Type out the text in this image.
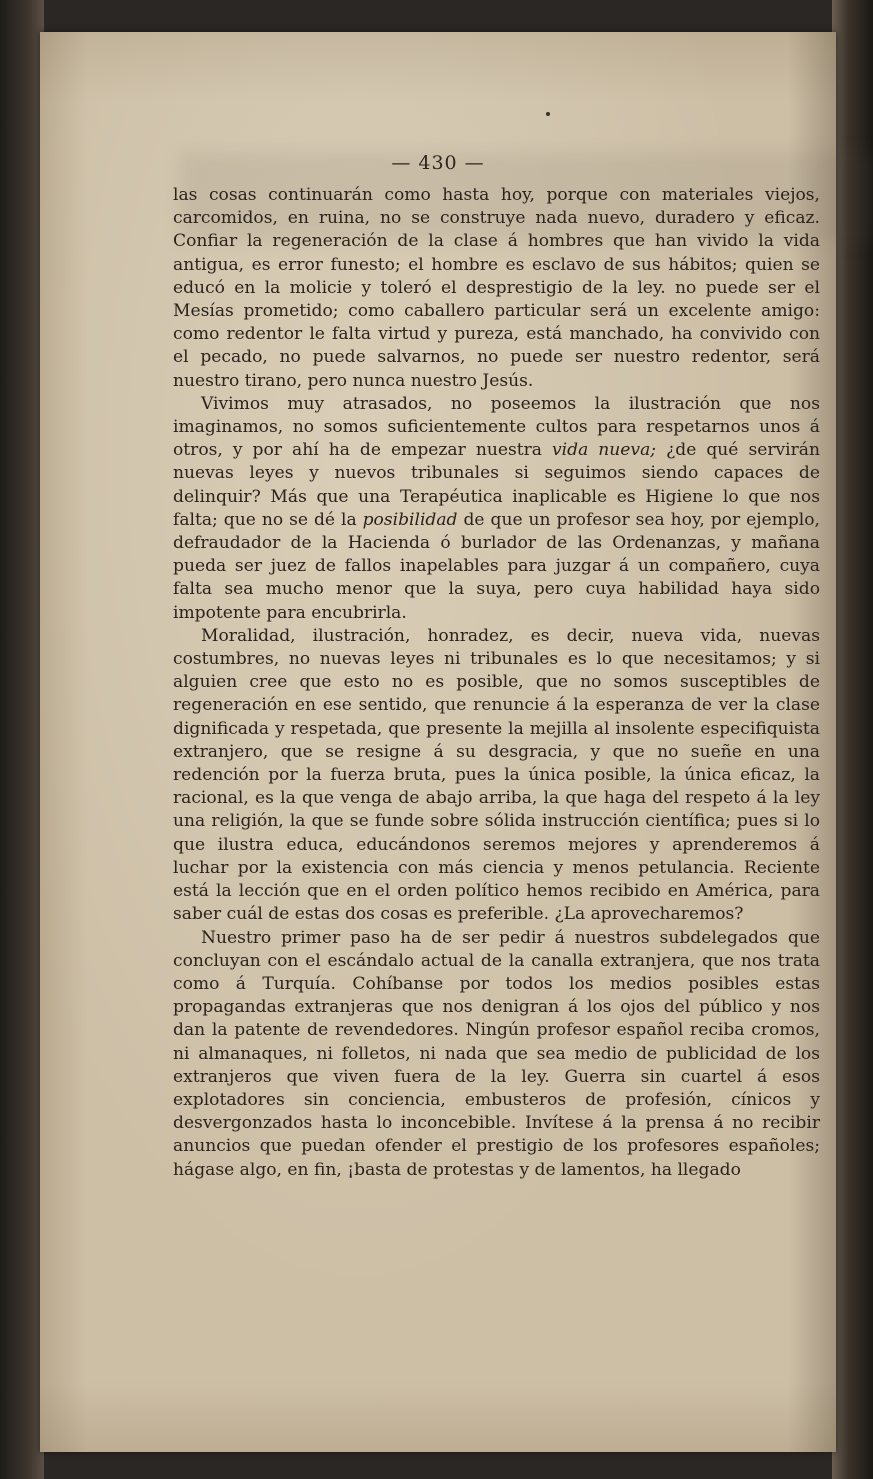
— 430 —

las cosas continuarán como hasta hoy, porque con materiales viejos, carcomidos, en ruina, no se construye nada nuevo, duradero y eficaz. Confiar la regeneración de la clase á hombres que han vivido la vida antigua, es error funesto; el hombre es esclavo de sus hábitos; quien se educó en la molicie y toleró el desprestigio de la ley. no puede ser el Mesías prometido; como caballero particular será un excelente amigo: como redentor le falta virtud y pureza, está manchado, ha convivido con el pecado, no puede salvarnos, no puede ser nuestro redentor, será nuestro tirano, pero nunca nuestro Jesús.

Vivimos muy atrasados, no poseemos la ilustración que nos imaginamos, no somos suficientemente cultos para respetarnos unos á otros, y por ahí ha de empezar nuestra vida nueva; ¿de qué servirán nuevas leyes y nuevos tribunales si seguimos siendo capaces de delinquir? Más que una Terapéutica inaplicable es Higiene lo que nos falta; que no se dé la posibilidad de que un profesor sea hoy, por ejemplo, defraudador de la Hacienda ó burlador de las Ordenanzas, y mañana pueda ser juez de fallos inapelables para juzgar á un compañero, cuya falta sea mucho menor que la suya, pero cuya habilidad haya sido impotente para encubrirla.

Moralidad, ilustración, honradez, es decir, nueva vida, nuevas costumbres, no nuevas leyes ni tribunales es lo que necesitamos; y si alguien cree que esto no es posible, que no somos susceptibles de regeneración en ese sentido, que renuncie á la esperanza de ver la clase dignificada y respetada, que presente la mejilla al insolente especifiquista extranjero, que se resigne á su desgracia, y que no sueñe en una redención por la fuerza bruta, pues la única posible, la única eficaz, la racional, es la que venga de abajo arriba, la que haga del respeto á la ley una religión, la que se funde sobre sólida instrucción científica; pues si lo que ilustra educa, educándonos seremos mejores y aprenderemos á luchar por la existencia con más ciencia y menos petulancia. Reciente está la lección que en el orden político hemos recibido en América, para saber cuál de estas dos cosas es preferible. ¿La aprovecharemos?

Nuestro primer paso ha de ser pedir á nuestros subdelegados que concluyan con el escándalo actual de la canalla extranjera, que nos trata como á Turquía. Cohíbanse por todos los medios posibles estas propagandas extranjeras que nos denigran á los ojos del público y nos dan la patente de revendedores. Ningún profesor español reciba cromos, ni almanaques, ni folletos, ni nada que sea medio de publicidad de los extranjeros que viven fuera de la ley. Guerra sin cuartel á esos explotadores sin conciencia, embusteros de profesión, cínicos y desvergonzados hasta lo inconcebible. Invítese á la prensa á no recibir anuncios que puedan ofender el prestigio de los profesores españoles; hágase algo, en fin, ¡basta de protestas y de lamentos, ha llegado
